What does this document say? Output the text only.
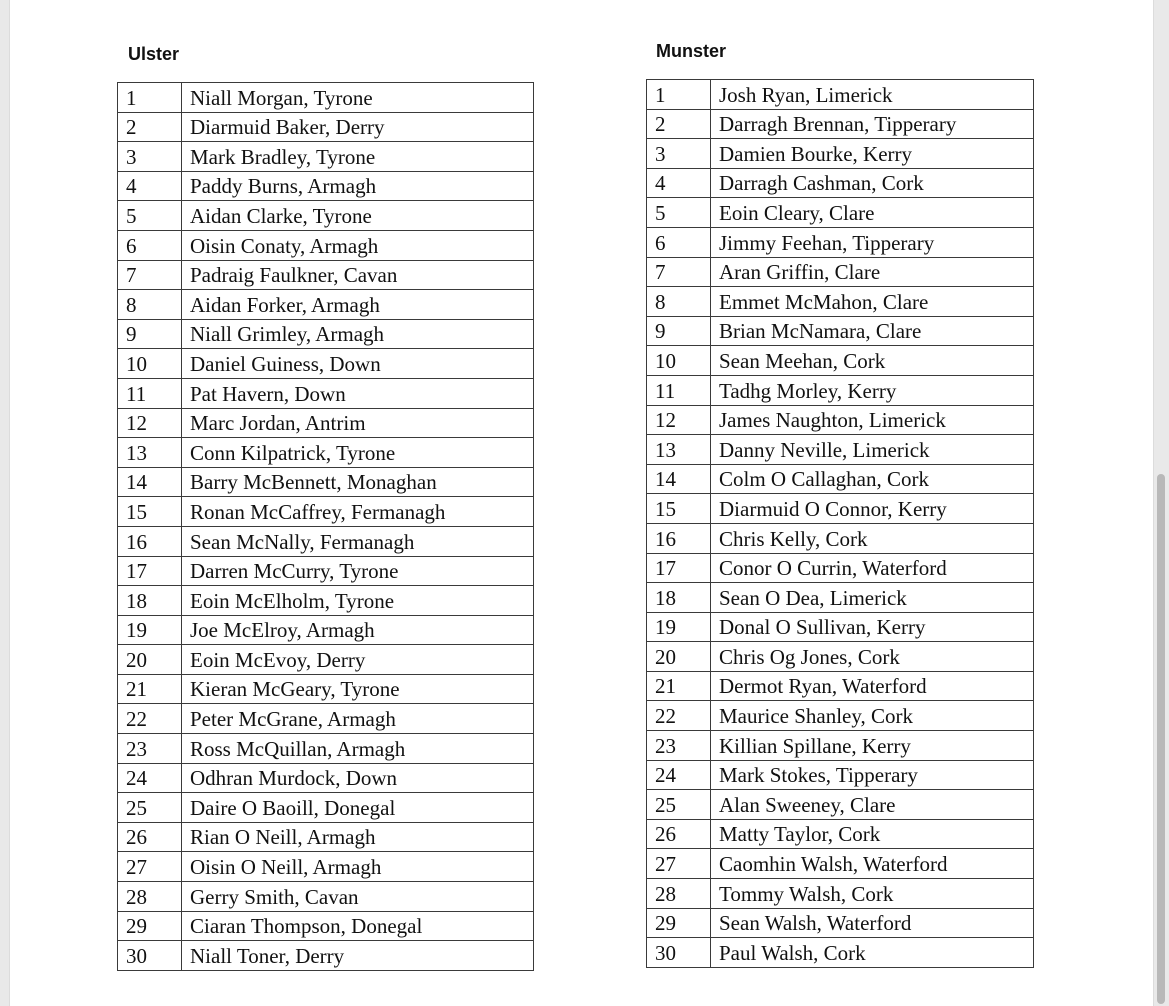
Ulster
1	Niall Morgan, Tyrone
2	Diarmuid Baker, Derry
3	Mark Bradley, Tyrone
4	Paddy Burns, Armagh
5	Aidan Clarke, Tyrone
6	Oisin Conaty, Armagh
7	Padraig Faulkner, Cavan
8	Aidan Forker, Armagh
9	Niall Grimley, Armagh
10	Daniel Guiness, Down
11	Pat Havern, Down
12	Marc Jordan, Antrim
13	Conn Kilpatrick, Tyrone
14	Barry McBennett, Monaghan
15	Ronan McCaffrey, Fermanagh
16	Sean McNally, Fermanagh
17	Darren McCurry, Tyrone
18	Eoin McElholm, Tyrone
19	Joe McElroy, Armagh
20	Eoin McEvoy, Derry
21	Kieran McGeary, Tyrone
22	Peter McGrane, Armagh
23	Ross McQuillan, Armagh
24	Odhran Murdock, Down
25	Daire O Baoill, Donegal
26	Rian O Neill, Armagh
27	Oisin O Neill, Armagh
28	Gerry Smith, Cavan
29	Ciaran Thompson, Donegal
30	Niall Toner, Derry
Munster
1	Josh Ryan, Limerick
2	Darragh Brennan, Tipperary
3	Damien Bourke, Kerry
4	Darragh Cashman, Cork
5	Eoin Cleary, Clare
6	Jimmy Feehan, Tipperary
7	Aran Griffin, Clare
8	Emmet McMahon, Clare
9	Brian McNamara, Clare
10	Sean Meehan, Cork
11	Tadhg Morley, Kerry
12	James Naughton, Limerick
13	Danny Neville, Limerick
14	Colm O Callaghan, Cork
15	Diarmuid O Connor, Kerry
16	Chris Kelly, Cork
17	Conor O Currin, Waterford
18	Sean O Dea, Limerick
19	Donal O Sullivan, Kerry
20	Chris Og Jones, Cork
21	Dermot Ryan, Waterford
22	Maurice Shanley, Cork
23	Killian Spillane, Kerry
24	Mark Stokes, Tipperary
25	Alan Sweeney, Clare
26	Matty Taylor, Cork
27	Caomhin Walsh, Waterford
28	Tommy Walsh, Cork
29	Sean Walsh, Waterford
30	Paul Walsh, Cork
